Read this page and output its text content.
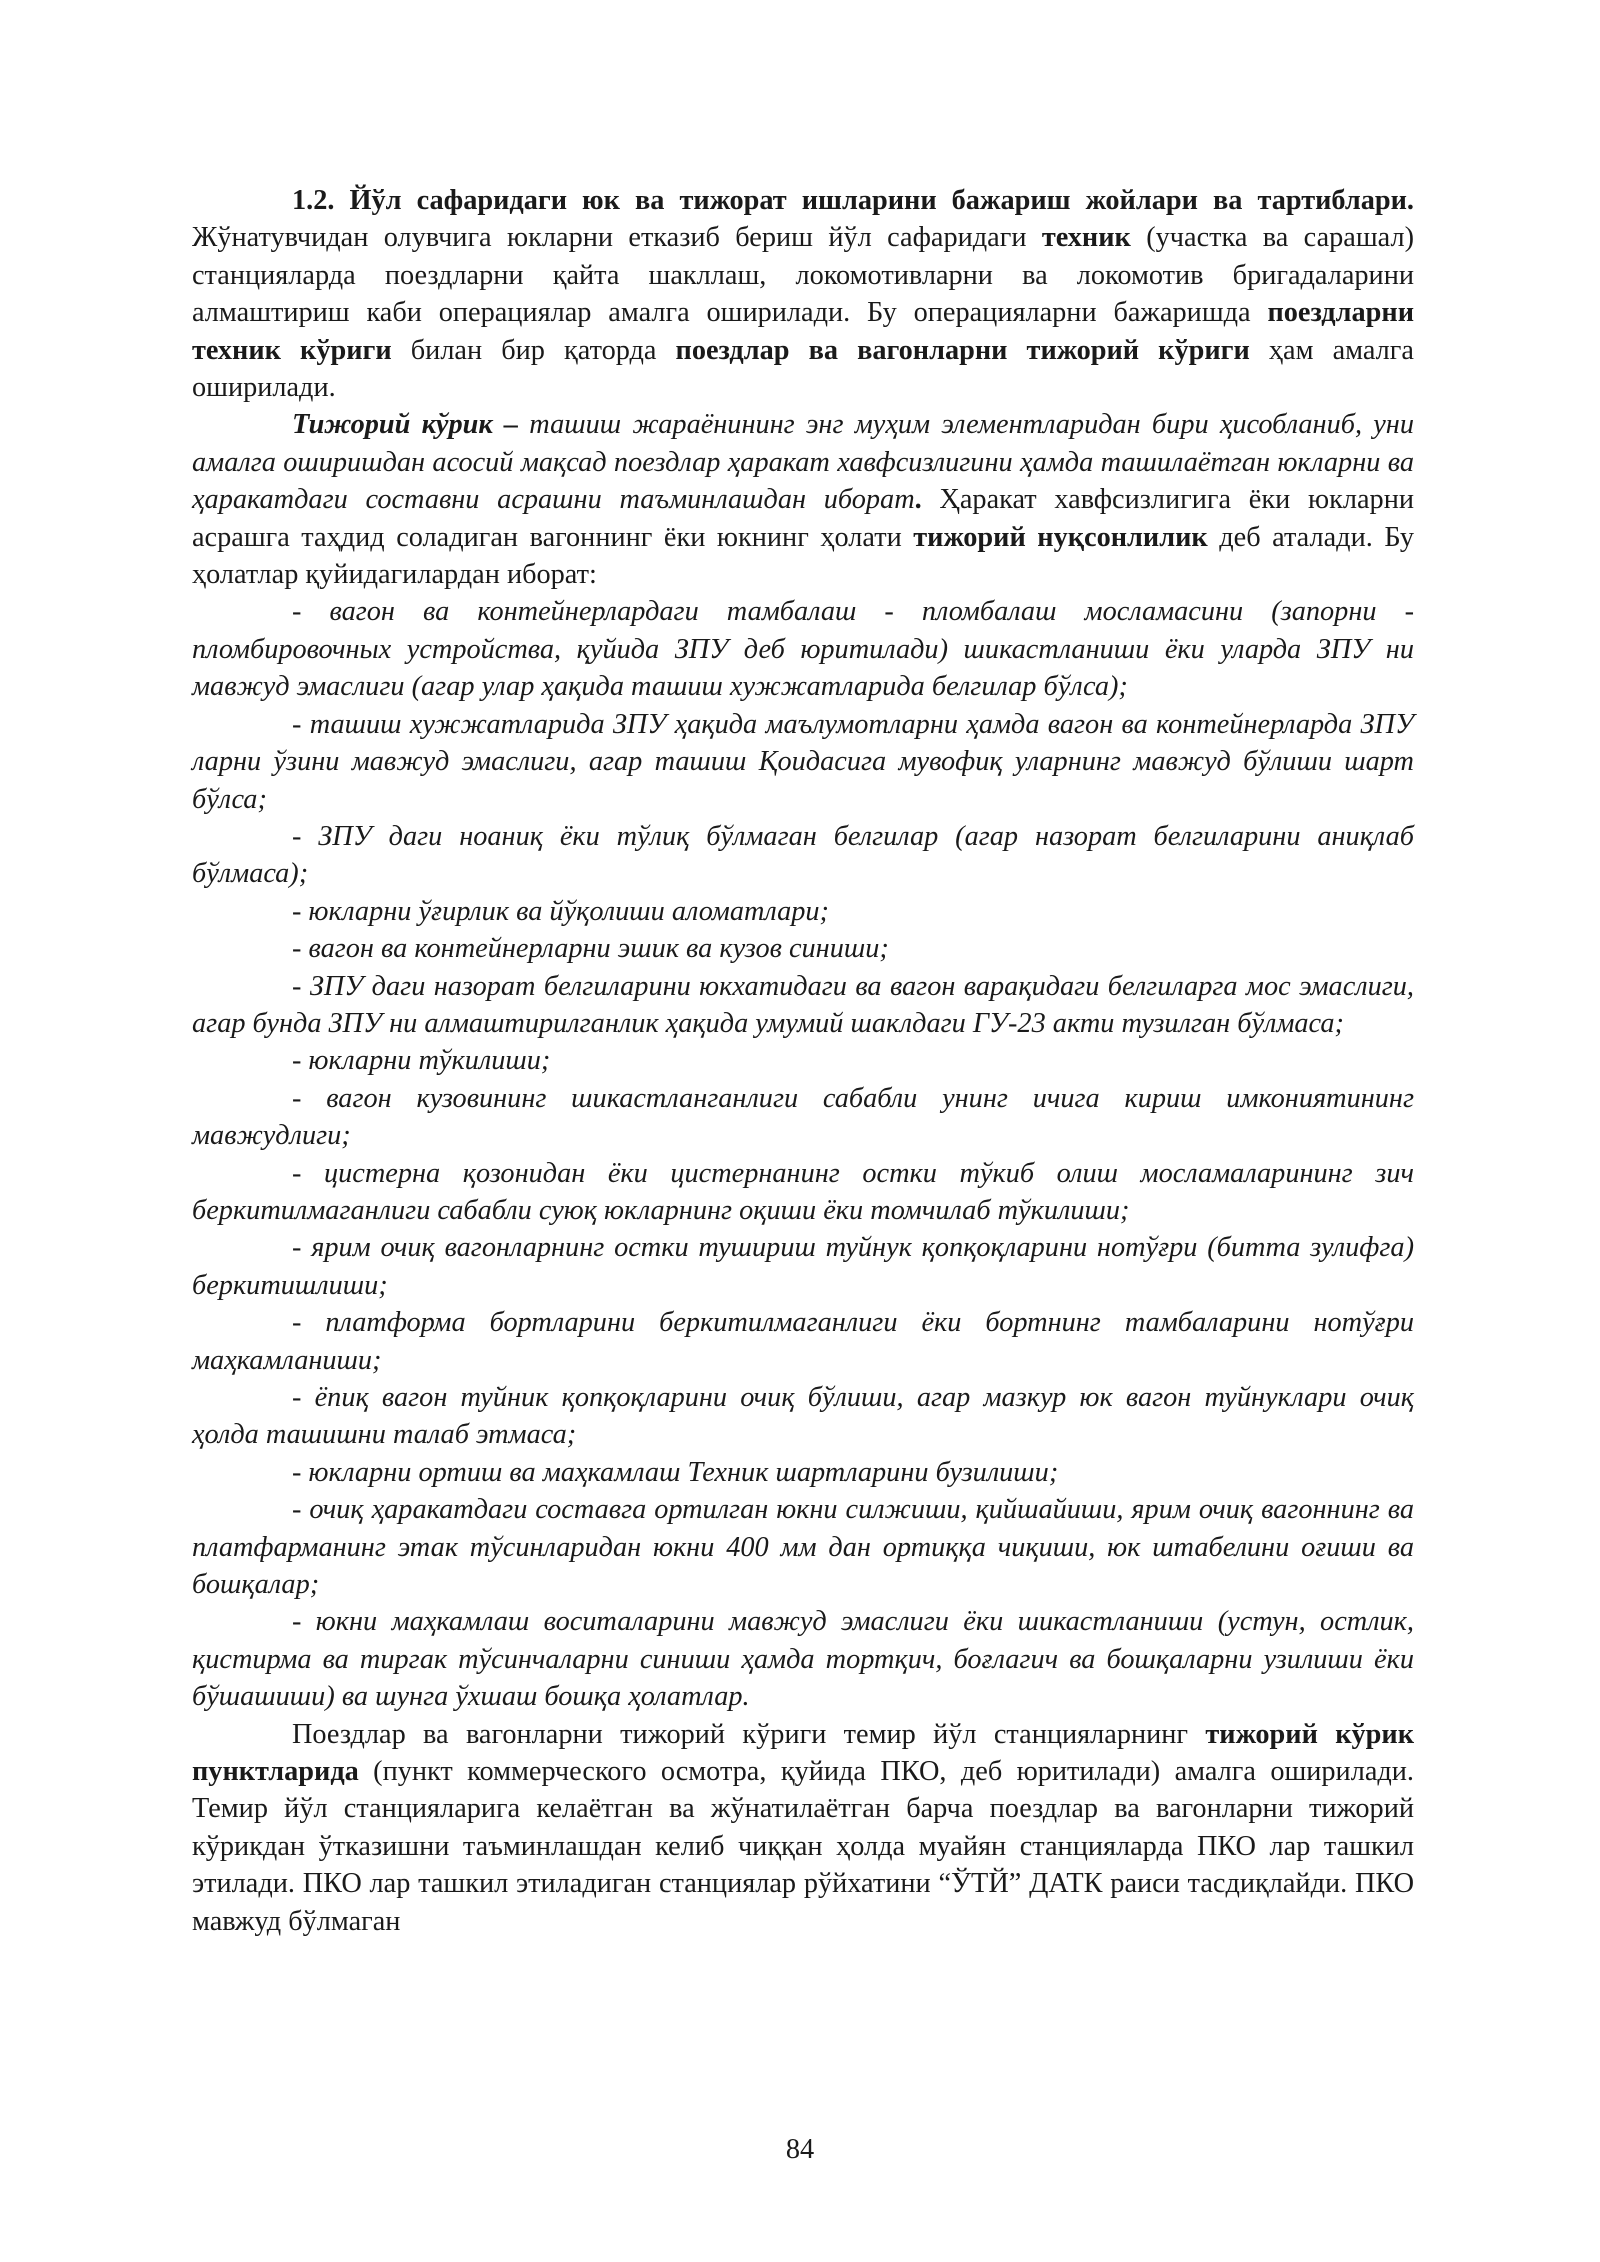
1.2. Йўл сафаридаги юк ва тижорат ишларини бажариш жойлари ва тартиблари. Жўнатувчидан олувчига юкларни етказиб бериш йўл сафаридаги техник (участка ва сарашал) станцияларда поездларни қайта шакллаш, локомотивларни ва локомотив бригадаларини алмаштириш каби операциялар амалга оширилади. Бу операцияларни бажаришда поездларни техник кўриги билан бир қаторда поездлар ва вагонларни тижорий кўриги ҳам амалга оширилади.

Тижорий кўрик – ташиш жараёнининг энг муҳим элементларидан бири ҳисобланиб, уни амалга оширишдан асосий мақсад поездлар ҳаракат хавфсизлигини ҳамда ташилаётган юкларни ва ҳаракатдаги составни асрашни таъминлашдан иборат. Ҳаракат хавфсизлигига ёки юкларни асрашга таҳдид соладиган вагоннинг ёки юкнинг ҳолати тижорий нуқсонлилик деб аталади. Бу ҳолатлар қуйидагилардан иборат:

- вагон ва контейнерлардаги тамбалаш - пломбалаш мосламасини (запорни - пломбировочных устройства, қуйида ЗПУ деб юритилади) шикастланиши ёки уларда ЗПУ ни мавжуд эмаслиги (агар улар ҳақида ташиш хужжатларида белгилар бўлса);

- ташиш хужжатларида ЗПУ ҳақида маълумотларни ҳамда вагон ва контейнерларда ЗПУ ларни ўзини мавжуд эмаслиги, агар ташиш Қоидасига мувофиқ уларнинг мавжуд бўлиши шарт бўлса;

- ЗПУ даги ноаниқ ёки тўлиқ бўлмаган белгилар (агар назорат белгиларини аниқлаб бўлмаса);

- юкларни ўғирлик ва йўқолиши аломатлари;

- вагон ва контейнерларни эшик ва кузов синиши;

- ЗПУ даги назорат белгиларини юкхатидаги ва вагон варақидаги белгиларга мос эмаслиги, агар бунда ЗПУ ни алмаштирилганлик ҳақида умумий шаклдаги ГУ-23 акти тузилган бўлмаса;

- юкларни тўкилиши;

- вагон кузовининг шикастланганлиги сабабли унинг ичига кириш имкониятининг мавжудлиги;

- цистерна қозонидан ёки цистернанинг остки тўкиб олиш мосламаларининг зич беркитилмаганлиги сабабли суюқ юкларнинг оқиши ёки томчилаб тўкилиши;

- ярим очиқ вагонларнинг остки тушириш туйнук қопқоқларини нотўғри (битта зулифга) беркитишлиши;

- платформа бортларини беркитилмаганлиги ёки бортнинг тамбаларини нотўғри маҳкамланиши;

- ёпиқ вагон туйник қопқоқларини очиқ бўлиши, агар мазкур юк вагон туйнуклари очиқ ҳолда ташишни талаб этмаса;

- юкларни ортиш ва маҳкамлаш Техник шартларини бузилиши;

- очиқ ҳаракатдаги составга ортилган юкни силжиши, қийшайиши, ярим очиқ вагоннинг ва платфарманинг этак тўсинларидан юкни 400 мм дан ортиққа чиқиши, юк штабелини оғиши ва бошқалар;

- юкни маҳкамлаш воситаларини мавжуд эмаслиги ёки шикастланиши (устун, остлик, қистирма ва тиргак тўсинчаларни синиши ҳамда тортқич, боғлагич ва бошқаларни узилиши ёки бўшашиши) ва шунга ўхшаш бошқа ҳолатлар.

Поездлар ва вагонларни тижорий кўриги темир йўл станцияларнинг тижорий кўрик пунктларида (пункт коммерческого осмотра, қуйида ПКО, деб юритилади) амалга оширилади. Темир йўл станцияларига келаётган ва жўнатилаётган барча поездлар ва вагонларни тижорий кўрикдан ўтказишни таъминлашдан келиб чиққан ҳолда муайян станцияларда ПКО лар ташкил этилади. ПКО лар ташкил этиладиган станциялар рўйхатини “ЎТЙ” ДАТК раиси тасдиқлайди. ПКО мавжуд бўлмаган

84
